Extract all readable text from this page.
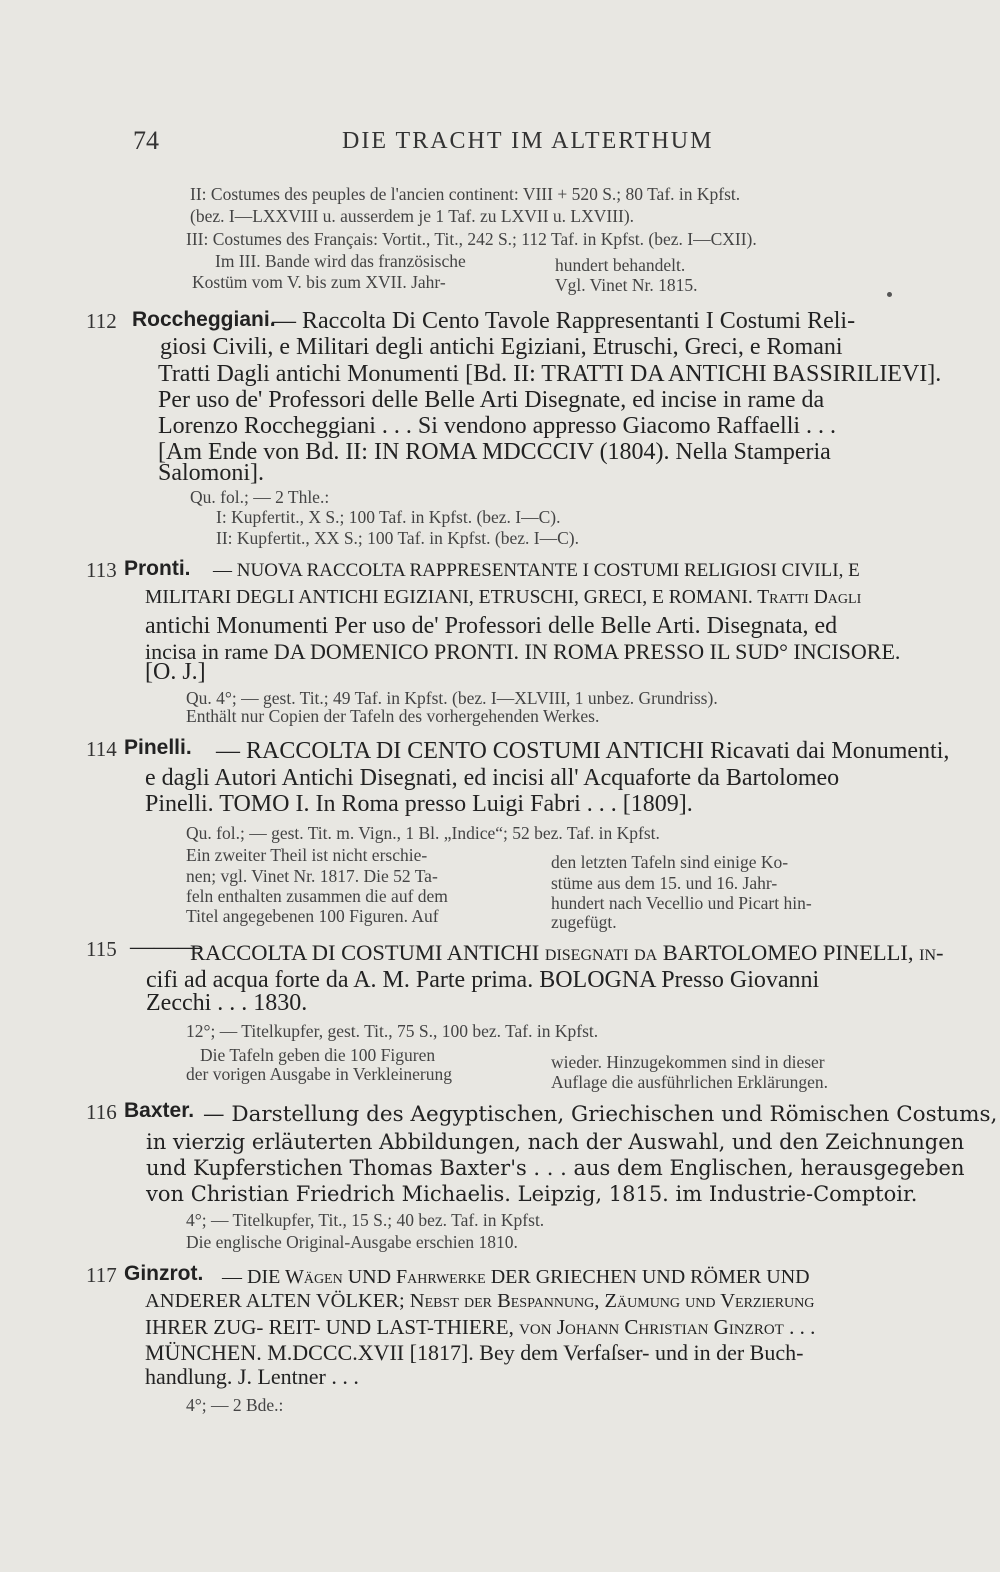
74	DIE TRACHT IM ALTERTHUM
II: Costumes des peuples de l'ancien continent: VIII + 520 S.; 80 Taf. in Kpfst.
(bez. I—LXXVIII u. ausserdem je 1 Taf. zu LXVII u. LXVIII).
III: Costumes des Français: Vortit., Tit., 242 S.; 112 Taf. in Kpfst. (bez. I—CXII).
Im III. Bande wird das französische	hundert behandelt.
Kostüm vom V. bis zum XVII. Jahr-	Vgl. Vinet Nr. 1815.
112 Roccheggiani.
— Raccolta Di Cento Tavole Rappresentanti I Costumi Reli-
giosi Civili, e Militari degli antichi Egiziani, Etruschi, Greci, e Romani
Tratti Dagli antichi Monumenti [Bd. II: TRATTI DA ANTICHI BASSIRILIEVI].
Per uso de' Professori delle Belle Arti Disegnate, ed incise in rame da
Lorenzo Roccheggiani . . . Si vendono appresso Giacomo Raffaelli . . .
[Am Ende von Bd. II: IN ROMA MDCCCIV (1804). Nella Stamperia
Salomoni].
Qu. fol.; — 2 Thle.:
I: Kupfertit., X S.; 100 Taf. in Kpfst. (bez. I—C).
II: Kupfertit., XX S.; 100 Taf. in Kpfst. (bez. I—C).
113 Pronti. — NUOVA RACCOLTA RAPPRESENTANTE I COSTUMI RELIGIOSI CIVILI, E
MILITARI DEGLI ANTICHI EGIZIANI, ETRUSCHI, GRECI, E ROMANI. Tratti Dagli
antichi Monumenti Per uso de' Professori delle Belle Arti. Disegnata, ed
incisa in rame DA DOMENICO PRONTI. IN ROMA PRESSO IL SUD° INCISORE.
[O. J.]
Qu. 4°; — gest. Tit.; 49 Taf. in Kpfst. (bez. I—XLVIII, 1 unbez. Grundriss).
Enthält nur Copien der Tafeln des vorhergehenden Werkes.
114 Pinelli. — RACCOLTA DI CENTO COSTUMI ANTICHI Ricavati dai Monumenti,
e dagli Autori Antichi Disegnati, ed incisi all' Acquaforte da Bartolomeo
Pinelli. TOMO I. In Roma presso Luigi Fabri . . . [1809].
Qu. fol.; — gest. Tit. m. Vign., 1 Bl. „Indice“; 52 bez. Taf. in Kpfst.
Ein zweiter Theil ist nicht erschie-
nen; vgl. Vinet Nr. 1817. Die 52 Ta-
feln enthalten zusammen die auf dem
Titel angegebenen 100 Figuren. Auf
den letzten Tafeln sind einige Ko-
stüme aus dem 15. und 16. Jahr-
hundert nach Vecellio und Picart hin-
zugefügt.
115 ———
RACCOLTA DI COSTUMI ANTICHI disegnati da BARTOLOMEO PINELLI, in-
cifi ad acqua forte da A. M. Parte prima. BOLOGNA Presso Giovanni
Zecchi . . . 1830.
12°; — Titelkupfer, gest. Tit., 75 S., 100 bez. Taf. in Kpfst.
Die Tafeln geben die 100 Figuren
der vorigen Ausgabe in Verkleinerung
wieder. Hinzugekommen sind in dieser
Auflage die ausführlichen Erklärungen.
116 Baxter. — Darstellung des Aegyptischen, Griechischen und Römischen Costums,
in vierzig erläuterten Abbildungen, nach der Auswahl, und den Zeichnungen
und Kupferstichen Thomas Baxter's . . . aus dem Englischen, herausgegeben
von Christian Friedrich Michaelis. Leipzig, 1815. im Industrie-Comptoir.
4°; — Titelkupfer, Tit., 15 S.; 40 bez. Taf. in Kpfst.
Die englische Original-Ausgabe erschien 1810.
117 Ginzrot. — DIE Wägen UND Fahrwerke DER GRIECHEN UND RÖMER UND
ANDERER ALTEN VÖLKER; Nebst der Bespannung, Zäumung und Verzierung
IHRER ZUG- REIT- UND LAST-THIERE, von Johann Christian Ginzrot . . .
MÜNCHEN. M.DCCC.XVII [1817]. Bey dem Verfaſser- und in der Buch-
handlung. J. Lentner . . .
4°; — 2 Bde.:
